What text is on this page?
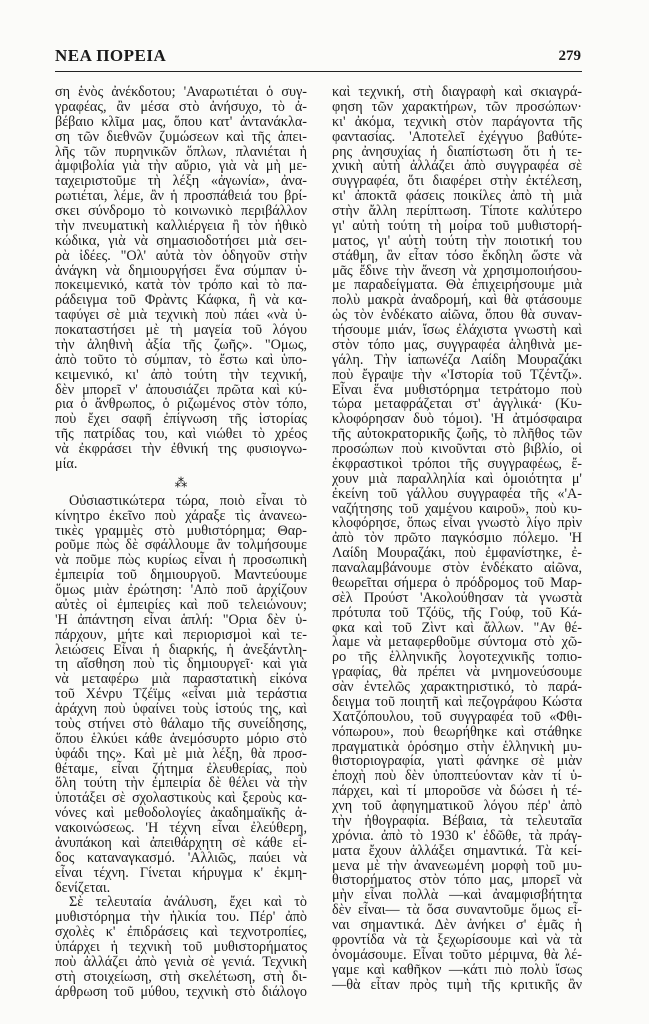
ΝΕΑ ΠΟΡΕΙΑ	279
ση ἑνὸς ἀνέκδοτου; 'Αναρωτιέται ὁ συγ-
γραφέας, ἂν μέσα στὸ ἀνήσυχο, τὸ ἀ-
βέβαιο κλῖμα μας, ὅπου κατ' ἀντανάκλα-
ση τῶν διεθνῶν ζυμώσεων καὶ τῆς ἀπει-
λῆς τῶν πυρηνικῶν ὅπλων, πλανιέται ἡ
ἀμφιβολία γιὰ τὴν αὔριο, γιὰ νὰ μὴ με-
ταχειριστοῦμε τὴ λέξη «ἀγωνία», ἀνα-
ρωτιέται, λέμε, ἂν ἡ προσπάθειά του βρί-
σκει σύνδρομο τὸ κοινωνικὸ περιβάλλον
τὴν πνευματικὴ καλλιέργεια ἢ τὸν ἠθικὸ
κώδικα, γιὰ νὰ σημασιοδοτήσει μιὰ σει-
ρὰ ἰδέες. "Ολ' αὐτὰ τὸν ὁδηγοῦν στὴν
ἀνάγκη νὰ δημιουργήσει ἕνα σύμπαν ὑ-
ποκειμενικό, κατὰ τὸν τρόπο καὶ τὸ πα-
ράδειγμα τοῦ Φρὰντς Κάφκα, ἢ νὰ κα-
ταφύγει σὲ μιὰ τεχνικὴ ποὺ πάει «νὰ ὑ-
ποκαταστήσει μὲ τὴ μαγεία τοῦ λόγου
τὴν ἀληθινὴ ἀξία τῆς ζωῆς». "Ομως,
ἀπὸ τοῦτο τὸ σύμπαν, τὸ ἔστω καὶ ὑπο-
κειμενικό, κι' ἀπὸ τούτη τὴν τεχνική,
δὲν μπορεῖ ν' ἀπουσιάζει πρῶτα καὶ κύ-
ρια ὁ ἄνθρωπος, ὁ ριζωμένος στὸν τόπο,
ποὺ ἔχει σαφῆ ἐπίγνωση τῆς ἱστορίας
τῆς πατρίδας του, καὶ νιώθει τὸ χρέος
νὰ ἐκφράσει τὴν ἐθνική της φυσιογνω-
μία.
⁂
Οὐσιαστικώτερα τώρα, ποιὸ εἶναι τὸ
κίνητρο ἐκεῖνο ποὺ χάραξε τὶς ἀνανεω-
τικὲς γραμμὲς στὸ μυθιστόρημα; Θαρ-
ροῦμε πὼς δὲ σφάλλουμε ἂν τολμήσουμε
νὰ ποῦμε πὼς κυρίως εἶναι ἡ προσωπικὴ
ἐμπειρία τοῦ δημιουργοῦ. Μαντεύουμε
ὅμως μιὰν ἐρώτηση: 'Απὸ ποῦ ἀρχίζουν
αὐτὲς οἱ ἐμπειρίες καὶ ποῦ τελειώνουν;
'Η ἀπάντηση εἶναι ἁπλή: "Ορια δὲν ὑ-
πάρχουν, μήτε καὶ περιορισμοὶ καὶ τε-
λειώσεις Εἶναι ἡ διαρκής, ἡ ἀνεξάντλη-
τη αἴσθηση ποὺ τὶς δημιουργεῖ· καὶ γιὰ
νὰ μεταφέρω μιὰ παραστατικὴ εἰκόνα
τοῦ Χένρυ Τζέϊμς «εἶναι μιὰ τεράστια
ἀράχνη ποὺ ὑφαίνει τοὺς ἱστούς της, καὶ
τοὺς στήνει στὸ θάλαμο τῆς συνείδησης,
ὅπου ἑλκύει κάθε ἀνεμόσυρτο μόριο στὸ
ὑφάδι της». Καὶ μὲ μιὰ λέξη, θὰ προσ-
θέταμε, εἶναι ζήτημα ἐλευθερίας, ποὺ
ὅλη τούτη τὴν ἐμπειρία δὲ θέλει νὰ τὴν
ὑποτάξει σὲ σχολαστικοὺς καὶ ξεροὺς κα-
νόνες καὶ μεθοδολογίες ἀκαδημαϊκῆς ἀ-
νακοινώσεως. 'Η τέχνη εἶναι ἐλεύθερη,
ἀνυπάκοη καὶ ἀπειθάρχητη σὲ κάθε εἶ-
δος καταναγκασμό. 'Αλλιῶς, παύει νὰ
εἶναι τέχνη. Γίνεται κήρυγμα κ' ἐκμη-
δενίζεται.
Σὲ τελευταία ἀνάλυση, ἔχει καὶ τὸ
μυθιστόρημα τὴν ἡλικία του. Πέρ' ἀπὸ
σχολὲς κ' ἐπιδράσεις καὶ τεχνοτροπίες,
ὑπάρχει ἡ τεχνικὴ τοῦ μυθιστορήματος
ποὺ ἀλλάζει ἀπὸ γενιὰ σὲ γενιά. Τεχνικὴ
στὴ στοιχείωση, στὴ σκελέτωση, στὴ δι-
άρθρωση τοῦ μύθου, τεχνικὴ στὸ διάλογο
καὶ τεχνική, στὴ διαγραφὴ καὶ σκιαγρά-
φηση τῶν χαρακτήρων, τῶν προσώπων·
κι' ἀκόμα, τεχνικὴ στὸν παράγοντα τῆς
φαντασίας. 'Αποτελεῖ ἐχέγγυο βαθύτε-
ρης ἀνησυχίας ἡ διαπίστωση ὅτι ἡ τε-
χνικὴ αὐτὴ ἀλλάζει ἀπὸ συγγραφέα σὲ
συγγραφέα, ὅτι διαφέρει στὴν ἐκτέλεση,
κι' ἀποκτᾶ φάσεις ποικίλες ἀπὸ τὴ μιὰ
στὴν ἄλλη περίπτωση. Τίποτε καλύτερο
γι' αὐτὴ τούτη τὴ μοίρα τοῦ μυθιστορή-
ματος, γι' αὐτὴ τούτη τὴν ποιοτική του
στάθμη, ἂν εἶταν τόσο ἔκδηλη ὥστε νὰ
μᾶς ἔδινε τὴν ἄνεση νὰ χρησιμοποιήσου-
με παραδείγματα. Θὰ ἐπιχειρήσουμε μιὰ
πολὺ μακρὰ ἀναδρομή, καὶ θὰ φτάσουμε
ὡς τὸν ἑνδέκατο αἰῶνα, ὅπου θὰ συναν-
τήσουμε μιάν, ἴσως ἐλάχιστα γνωστὴ καὶ
στὸν τόπο μας, συγγραφέα ἀληθινὰ με-
γάλη. Τὴν ἰαπωνέζα Λαίδη Μουραζάκι
ποὺ ἔγραψε τὴν «'Ιστορία τοῦ Τζέντζι».
Εἶναι ἕνα μυθιστόρημα τετράτομο ποὺ
τώρα μεταφράζεται στ' ἀγγλικά· (Κυ-
κλοφόρησαν δυὸ τόμοι). 'Η ἀτμόσφαιρα
τῆς αὐτοκρατορικῆς ζωῆς, τὸ πλῆθος τῶν
προσώπων ποὺ κινοῦνται στὸ βιβλίο, οἱ
ἐκφραστικοὶ τρόποι τῆς συγγραφέως, ἔ-
χουν μιὰ παραλληλία καὶ ὁμοιότητα μ'
ἐκείνη τοῦ γάλλου συγγραφέα τῆς «'Α-
ναζήτησης τοῦ χαμένου καιροῦ», ποὺ κυ-
κλοφόρησε, ὅπως εἶναι γνωστὸ λίγο πρὶν
ἀπὸ τὸν πρῶτο παγκόσμιο πόλεμο. 'Η
Λαίδη Μουραζάκι, ποὺ ἐμφανίστηκε, ἐ-
παναλαμβάνουμε στὸν ἑνδέκατο αἰῶνα,
θεωρεῖται σήμερα ὁ πρόδρομος τοῦ Μαρ-
σὲλ Προύστ 'Ακολούθησαν τὰ γνωστὰ
πρότυπα τοῦ Τζόϋς, τῆς Γούφ, τοῦ Κά-
φκα καὶ τοῦ Ζὶντ καὶ ἄλλων. "Αν θέ-
λαμε νὰ μεταφερθοῦμε σύντομα στὸ χῶ-
ρο τῆς ἑλληνικῆς λογοτεχνικῆς τοπιο-
γραφίας, θὰ πρέπει νὰ μνημονεύσουμε
σὰν ἐντελῶς χαρακτηριστικό, τὸ παρά-
δειγμα τοῦ ποιητῆ καὶ πεζογράφου Κώστα
Χατζόπουλου, τοῦ συγγραφέα τοῦ «Φθι-
νόπωρου», ποὺ θεωρήθηκε καὶ στάθηκε
πραγματικὰ ὁρόσημο στὴν ἑλληνικὴ μυ-
θιστοριογραφία, γιατὶ φάνηκε σὲ μιὰν
ἐποχὴ ποὺ δὲν ὑποπτεύονταν κὰν τί ὑ-
πάρχει, καὶ τί μποροῦσε νὰ δώσει ἡ τέ-
χνη τοῦ ἀφηγηματικοῦ λόγου πέρ' ἀπὸ
τὴν ἠθογραφία. Βέβαια, τὰ τελευταῖα
χρόνια. ἀπὸ τὸ 1930 κ' ἐδῶθε, τὰ πράγ-
ματα ἔχουν ἀλλάξει σημαντικά. Τὰ κεί-
μενα μὲ τὴν ἀνανεωμένη μορφὴ τοῦ μυ-
θιστορήματος στὸν τόπο μας, μπορεῖ νὰ
μὴν εἶναι πολλὰ —καὶ ἀναμφισβήτητα
δὲν εἶναι— τὰ ὅσα συναντοῦμε ὅμως εἶ-
ναι σημαντικά. Δὲν ἀνήκει σ' ἐμᾶς ἡ
φροντίδα νὰ τὰ ξεχωρίσουμε καὶ νὰ τὰ
ὀνομάσουμε. Εἶναι τοῦτο μέριμνα, θὰ λέ-
γαμε καὶ καθῆκον —κάτι πιὸ πολὺ ἴσως
—θὰ εἶταν πρὸς τιμὴ τῆς κριτικῆς ἂν
